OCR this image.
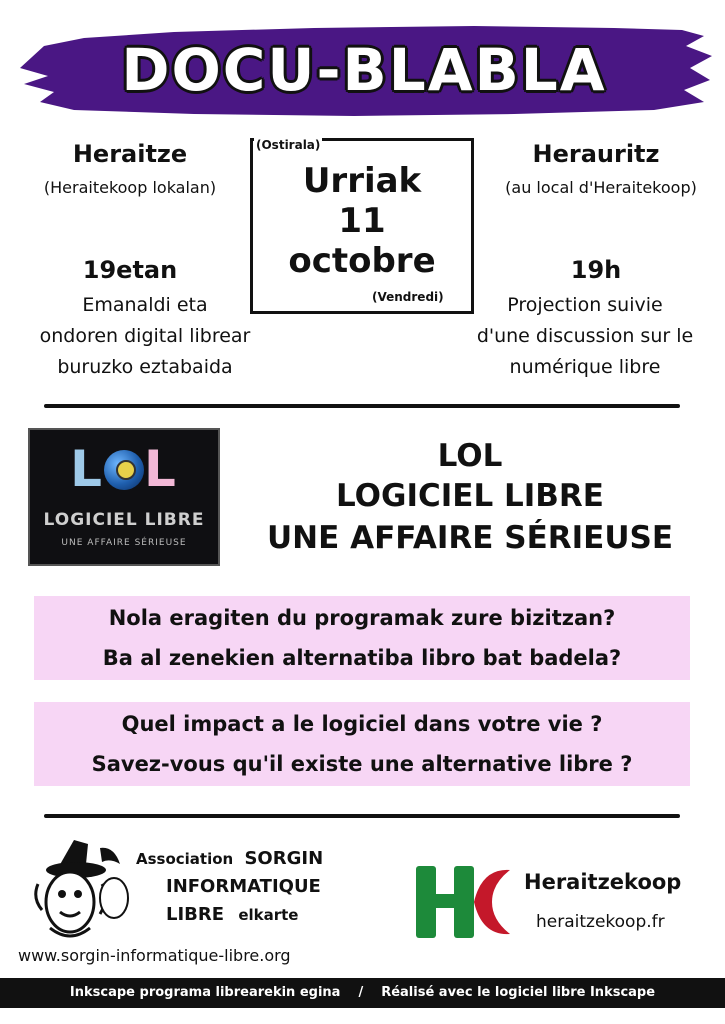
DOCU-BLABLA
Heraitze
(Heraitekoop lokalan)
19etan
Emanaldi eta
ondoren digital librear
buruzko eztabaida
(Ostirala)
Urriak
11
octobre
(Vendredi)
Herauritz
(au local d'Heraitekoop)
19h
Projection suivie
d'une discussion sur le
numérique libre
L L
LOGICIEL LIBRE
UNE AFFAIRE SÉRIEUSE
LOL
LOGICIEL LIBRE
UNE AFFAIRE SÉRIEUSE
Nola eragiten du programak zure bizitzan?
Ba al zenekien alternatiba libro bat badela?
Quel impact a le logiciel dans votre vie ?
Savez-vous qu'il existe une alternative libre ?
Association SORGIN
INFORMATIQUE
LIBRE elkarte
www.sorgin-informatique-libre.org
Heraitzekoop
heraitzekoop.fr
Inkscape programa librearekin egina / Réalisé avec le logiciel libre Inkscape
